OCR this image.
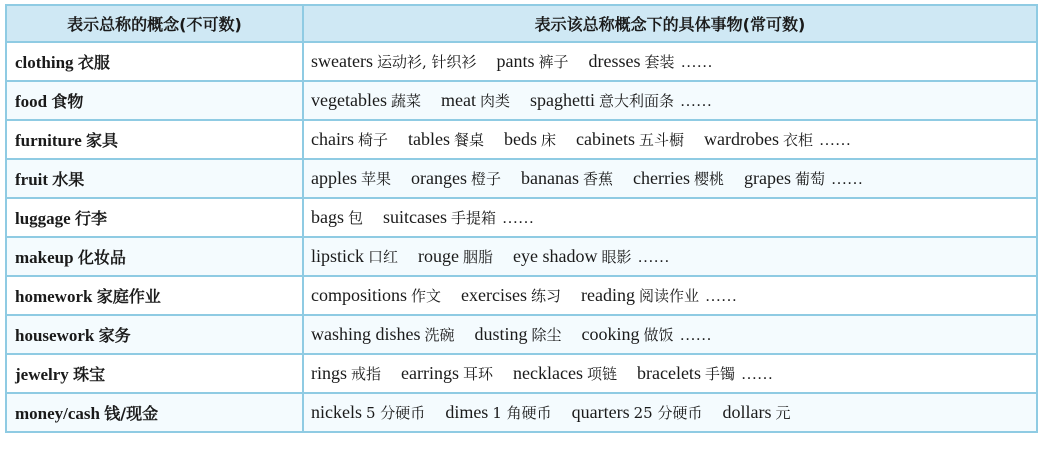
表示总称的概念(不可数)	表示该总称概念下的具体事物(常可数)
clothing 衣服	sweaters 运动衫, 针织衫 pants 裤子 dresses 套装 ……
food 食物	vegetables 蔬菜 meat 肉类 spaghetti 意大利面条 ……
furniture 家具	chairs 椅子 tables 餐桌 beds 床 cabinets 五斗橱 wardrobes 衣柜 ……
fruit 水果	apples 苹果 oranges 橙子 bananas 香蕉 cherries 樱桃 grapes 葡萄 ……
luggage 行李	bags 包 suitcases 手提箱 ……
makeup 化妆品	lipstick 口红 rouge 胭脂 eye shadow 眼影 ……
homework 家庭作业	compositions 作文 exercises 练习 reading 阅读作业 ……
housework 家务	washing dishes 洗碗 dusting 除尘 cooking 做饭 ……
jewelry 珠宝	rings 戒指 earrings 耳环 necklaces 项链 bracelets 手镯 ……
money/cash 钱/现金	nickels 5 分硬币 dimes 1 角硬币 quarters 25 分硬币 dollars 元
